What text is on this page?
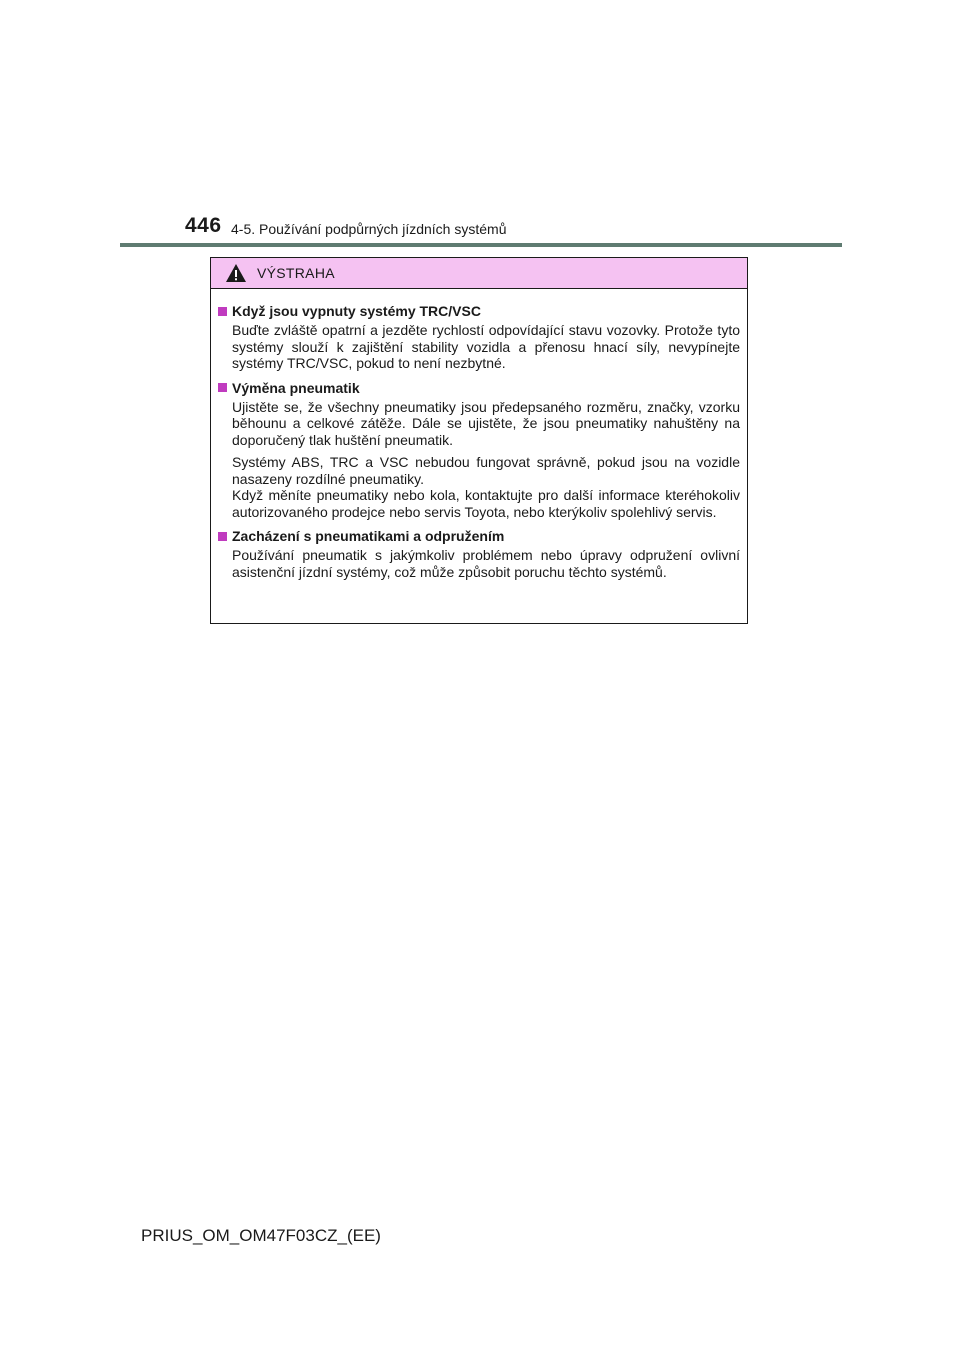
446 4-5. Používání podpůrných jízdních systémů
VÝSTRAHA
Když jsou vypnuty systémy TRC/VSC

Buďte zvláště opatrní a jezděte rychlostí odpovídající stavu vozovky. Protože tyto systémy slouží k zajištění stability vozidla a přenosu hnací síly, nevypínejte systémy TRC/VSC, pokud to není nezbytné.

Výměna pneumatik

Ujistěte se, že všechny pneumatiky jsou předepsaného rozměru, značky, vzorku běhounu a celkové zátěže. Dále se ujistěte, že jsou pneumatiky nahuštěny na doporučený tlak huštění pneumatik.

Systémy ABS, TRC a VSC nebudou fungovat správně, pokud jsou na vozidle nasazeny rozdílné pneumatiky.

Když měníte pneumatiky nebo kola, kontaktujte pro další informace kteréhokoliv autorizovaného prodejce nebo servis Toyota, nebo kterýkoliv spolehlivý servis.

Zacházení s pneumatikami a odpružením

Používání pneumatik s jakýmkoliv problémem nebo úpravy odpružení ovlivní asistenční jízdní systémy, což může způsobit poruchu těchto systémů.

PRIUS_OM_OM47F03CZ_(EE)
